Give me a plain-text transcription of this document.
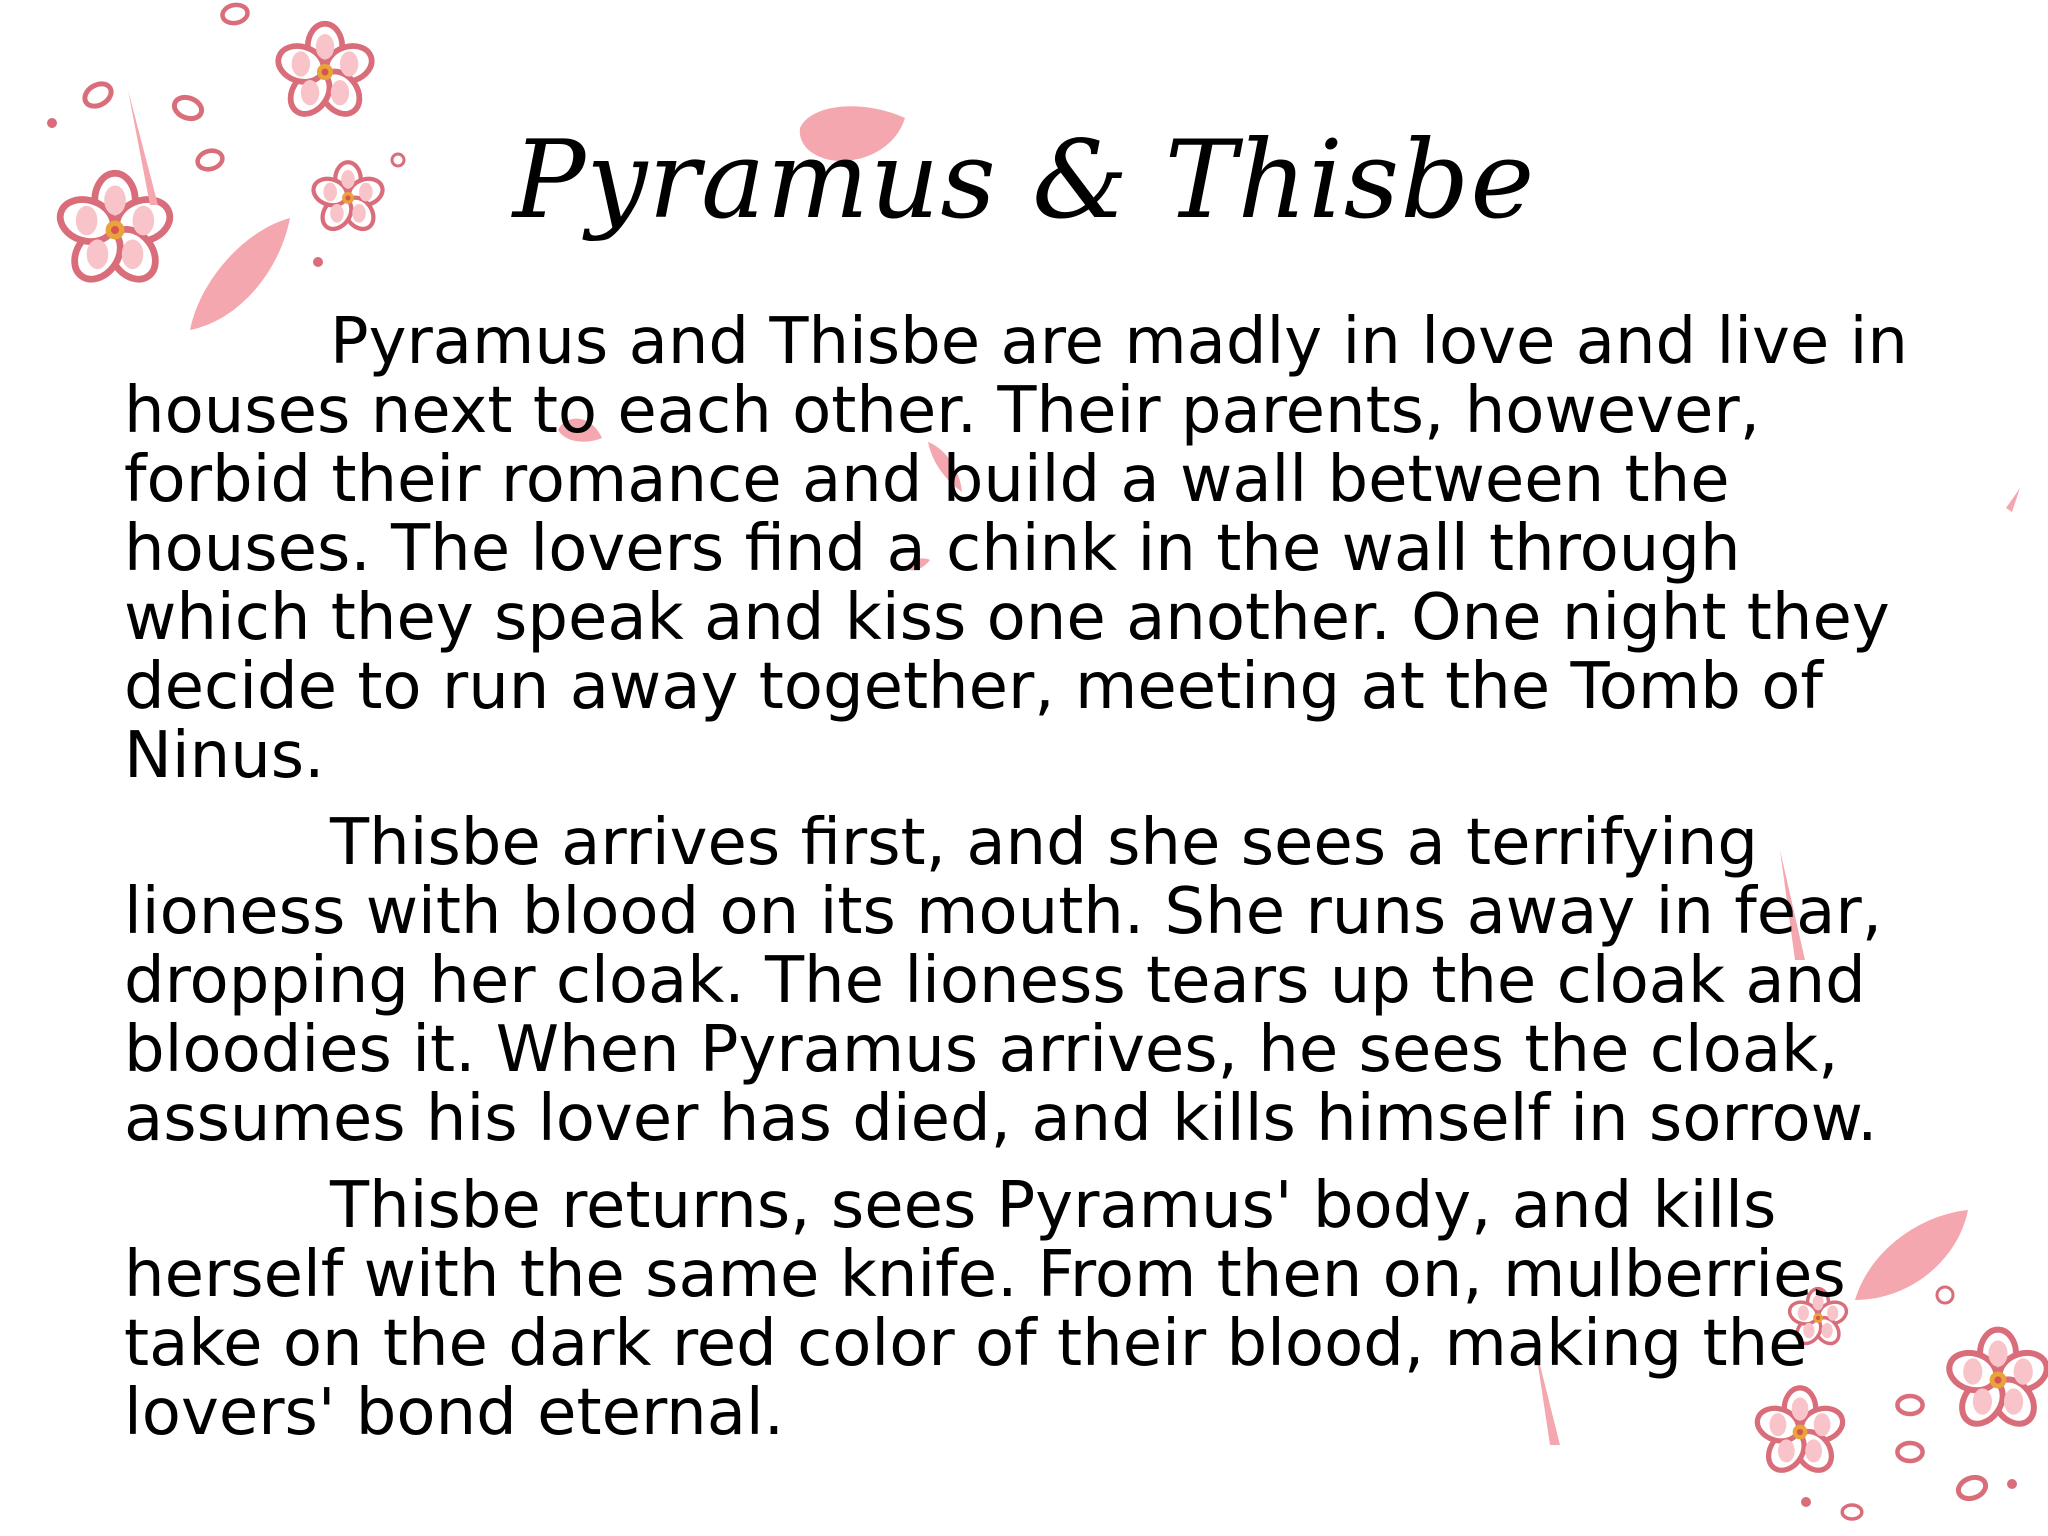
Pyramus & Thisbe
Pyramus and Thisbe are madly in love and live in
houses next to each other. Their parents, however,
forbid their romance and build a wall between the
houses. The lovers find a chink in the wall through
which they speak and kiss one another. One night they
decide to run away together, meeting at the Tomb of
Ninus.
Thisbe arrives first, and she sees a terrifying
lioness with blood on its mouth. She runs away in fear,
dropping her cloak. The lioness tears up the cloak and
bloodies it. When Pyramus arrives, he sees the cloak,
assumes his lover has died, and kills himself in sorrow.
Thisbe returns, sees Pyramus' body, and kills
herself with the same knife. From then on, mulberries
take on the dark red color of their blood, making the
lovers' bond eternal.
